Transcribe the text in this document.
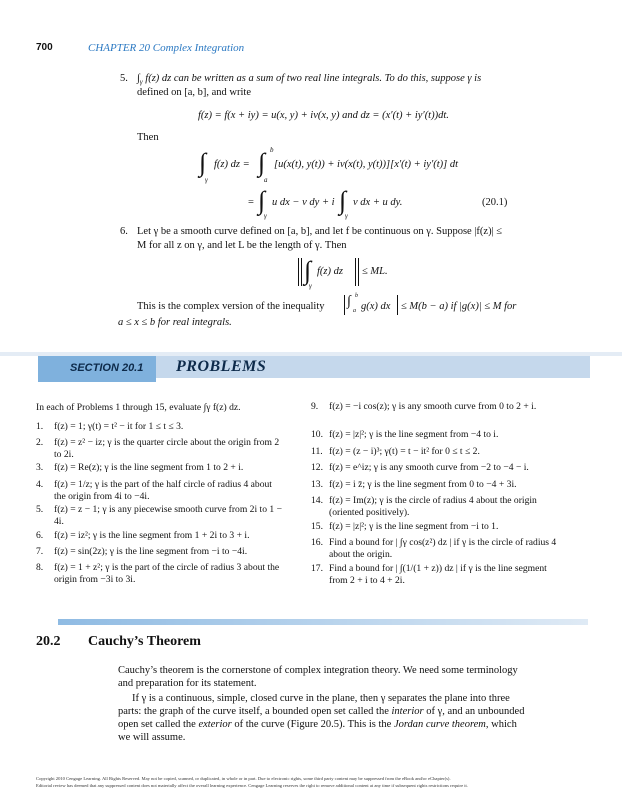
700	CHAPTER 20 Complex Integration
5. $\int_\gamma$ f(z) dz can be written as a sum of two real line integrals. To do this, suppose γ is
defined on [a, b], and write
f(z) = f(x + iy) = u(x, y) + iv(x, y) and dz = (x′(t) + iy′(t))dt.
Then
∫
γ
f(z) dz = ∫ b
a
[u(x(t), y(t)) + iv(x(t), y(t))][x′(t) + iy′(t)] dt
= ∫
γ
u dx − v dy + i ∫
γ
v dx + u dy.	(20.1)
6. Let γ be a smooth curve defined on [a, b], and let f be continuous on γ. Suppose |f(z)| ≤
M for all z on γ, and let L be the length of γ. Then
∫
γ
f(z) dz ≤ ML.
This is the complex version of the inequality ∫ b
a g(x) dx ≤ M(b − a) if |g(x)| ≤ M for
a ≤ x ≤ b for real integrals.
SECTION 20.1 PROBLEMS
In each of Problems 1 through 15, evaluate ∫γ f(z) dz.
1. f(z) = 1; γ(t) = t² − it for 1 ≤ t ≤ 3.
2. f(z) = z² − iz; γ is the quarter circle about the origin from 2 to 2i.
3. f(z) = Re(z); γ is the line segment from 1 to 2 + i.
4. f(z) = 1/z; γ is the part of the half circle of radius 4 about the origin from 4i to −4i.
5. f(z) = z − 1; γ is any piecewise smooth curve from 2i to 1 − 4i.
6. f(z) = iz²; γ is the line segment from 1 + 2i to 3 + i.
7. f(z) = sin(2z); γ is the line segment from −i to −4i.
8. f(z) = 1 + z²; γ is the part of the circle of radius 3 about the origin from −3i to 3i.
9. f(z) = −i cos(z); γ is any smooth curve from 0 to 2 + i.
10. f(z) = |z|²; γ is the line segment from −4 to i.
11. f(z) = (z − i)³; γ(t) = t − it² for 0 ≤ t ≤ 2.
12. f(z) = e^iz; γ is any smooth curve from −2 to −4 − i.
13. f(z) = i z̄; γ is the line segment from 0 to −4 + 3i.
14. f(z) = Im(z); γ is the circle of radius 4 about the origin (oriented positively).
15. f(z) = |z|²; γ is the line segment from −i to 1.
16. Find a bound for | ∫γ cos(z²) dz | if γ is the circle of radius 4 about the origin.
17. Find a bound for | ∫(1/(1 + z)) dz | if γ is the line segment from 2 + i to 4 + 2i.
20.2 Cauchy’s Theorem
Cauchy’s theorem is the cornerstone of complex integration theory. We need some terminology
and preparation for its statement.
If γ is a continuous, simple, closed curve in the plane, then γ separates the plane into three
parts: the graph of the curve itself, a bounded open set called the interior of γ, and an unbounded
open set called the exterior of the curve (Figure 20.5). This is the Jordan curve theorem, which
we will assume.
Copyright 2010 Cengage Learning. All Rights Reserved. May not be copied, scanned, or duplicated, in whole or in part. Due to electronic rights, some third party content may be suppressed from the eBook and/or eChapter(s).
Editorial review has deemed that any suppressed content does not materially affect the overall learning experience. Cengage Learning reserves the right to remove additional content at any time if subsequent rights restrictions require it.
